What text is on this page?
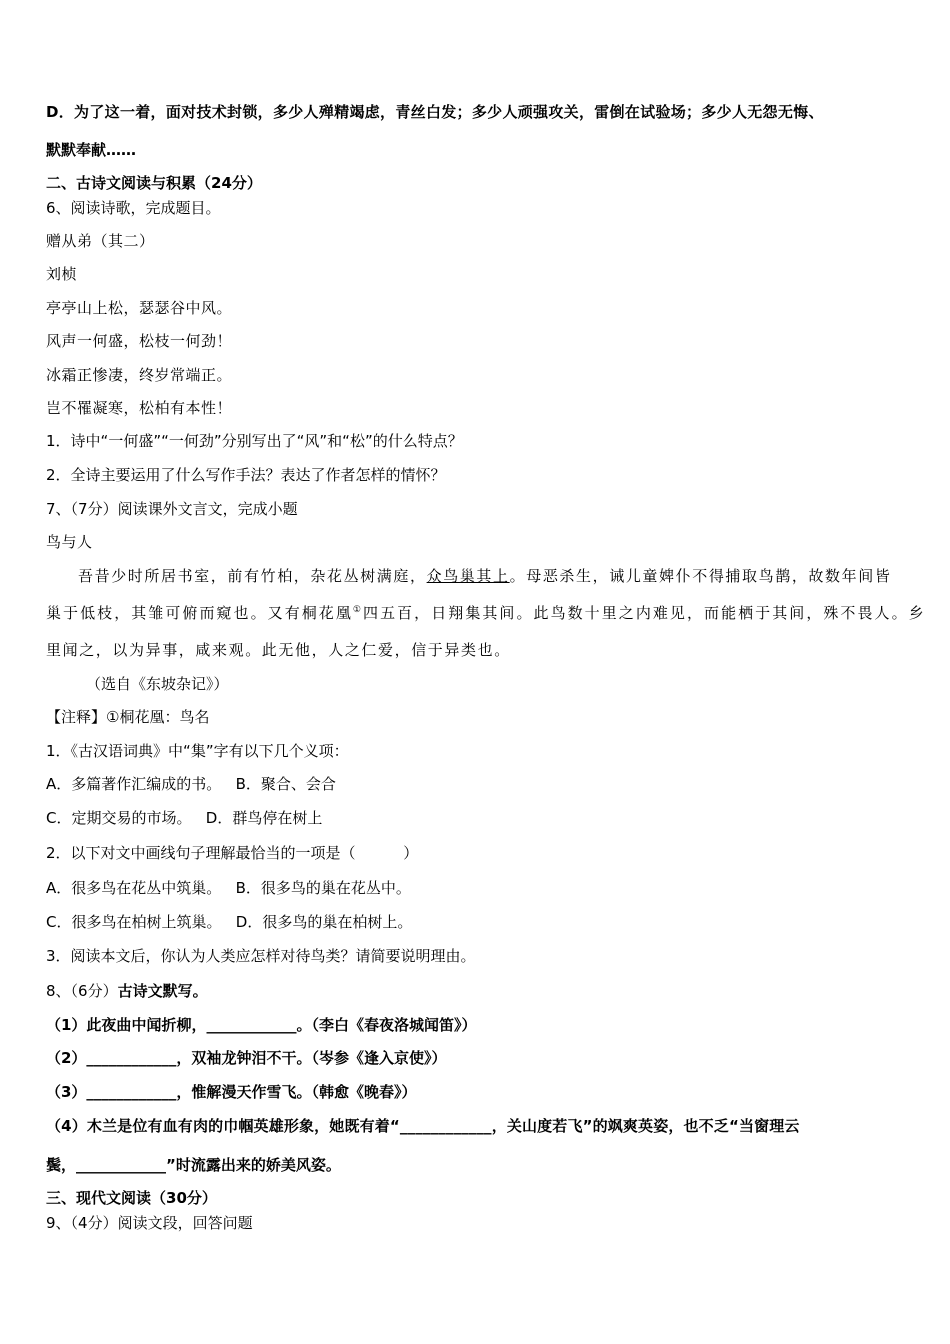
D．为了这一着，面对技术封锁，多少人殚精竭虑，青丝白发；多少人顽强攻关，雷倒在试验场；多少人无怨无悔、
默默奉献……
二、古诗文阅读与积累（24分）
6、阅读诗歌，完成题目。
赠从弟（其二）
刘桢
亭亭山上松，瑟瑟谷中风。
风声一何盛，松枝一何劲！
冰霜正惨凄，终岁常端正。
岂不罹凝寒，松柏有本性！
1．诗中“一何盛”“一何劲”分别写出了“风”和“松”的什么特点？
2．全诗主要运用了什么写作手法？表达了作者怎样的情怀？
7、（7分）阅读课外文言文，完成小题
鸟与人
吾昔少时所居书室，前有竹柏，杂花丛树满庭，众鸟巢其上。母恶杀生，诫儿童婢仆不得捕取鸟鹊，故数年间皆
巢于低枝，其雏可俯而窥也。又有桐花凰①四五百，日翔集其间。此鸟数十里之内难见，而能栖于其间，殊不畏人。乡
里闻之，以为异事，咸来观。此无他，人之仁爱，信于异类也。
（选自《东坡杂记》）
【注释】①桐花凰：鸟名
1．《古汉语词典》中“集”字有以下几个义项：
A．多篇著作汇编成的书。   B．聚合、会合
C．定期交易的市场。   D．群鸟停在树上
2．以下对文中画线句子理解最恰当的一项是（          ）
A．很多鸟在花丛中筑巢。   B．很多鸟的巢在花丛中。
C．很多鸟在柏树上筑巢。   D．很多鸟的巢在柏树上。
3．阅读本文后，你认为人类应怎样对待鸟类？请简要说明理由。
8、（6分）古诗文默写。
（1）此夜曲中闻折柳，____________。（李白《春夜洛城闻笛》）
（2）____________，双袖龙钟泪不干。（岑参《逢入京使》）
（3）____________，惟解漫天作雪飞。（韩愈《晚春》）
（4）木兰是位有血有肉的巾帼英雄形象，她既有着“____________，关山度若飞”的飒爽英姿，也不乏“当窗理云
鬓，____________”时流露出来的娇美风姿。
三、现代文阅读（30分）
9、（4分）阅读文段，回答问题
